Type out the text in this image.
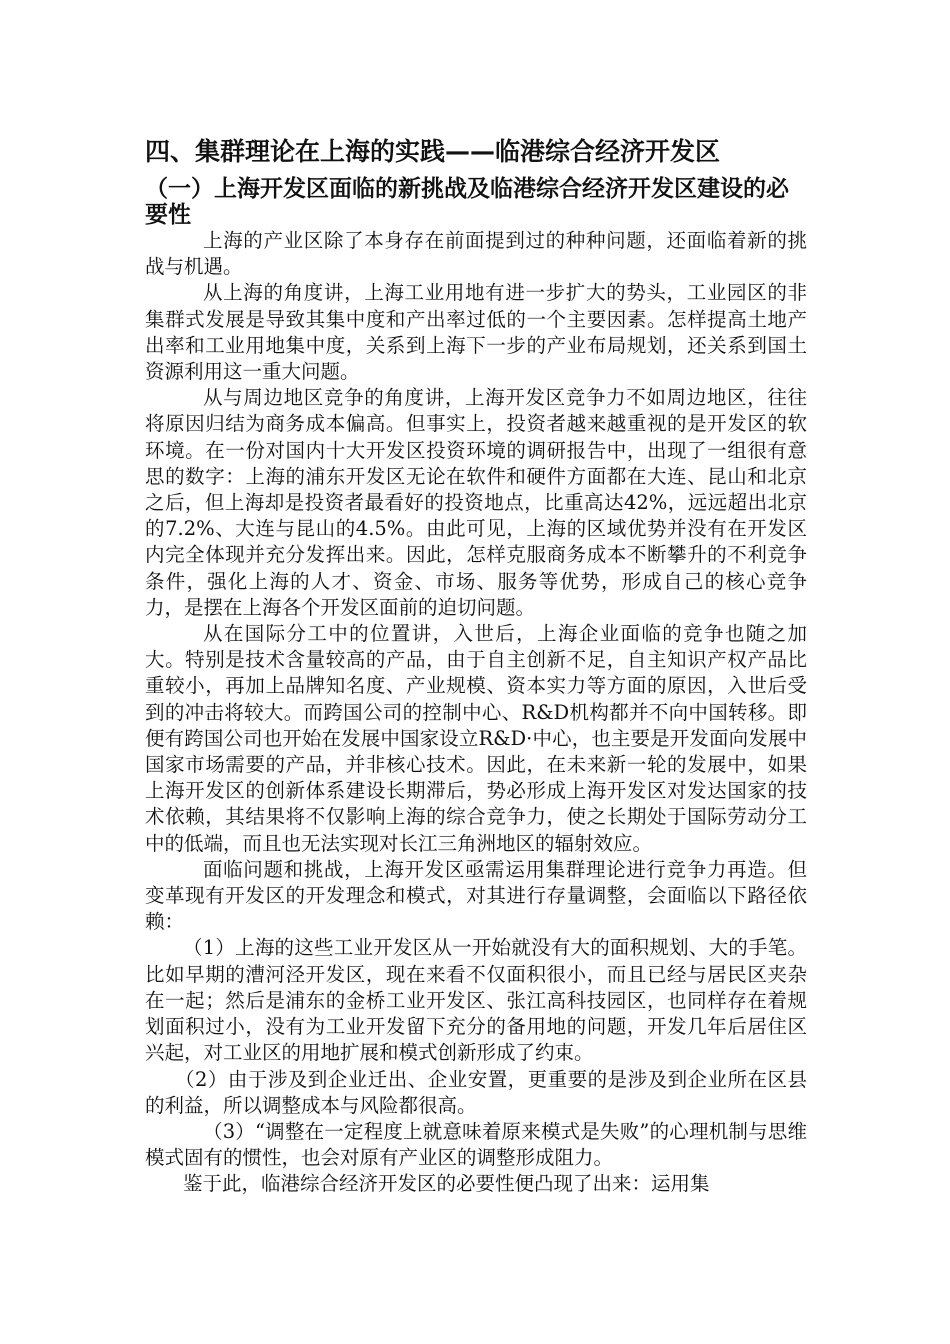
四、集群理论在上海的实践——临港综合经济开发区
（一）上海开发区面临的新挑战及临港综合经济开发区建设的必要性

上海的产业区除了本身存在前面提到过的种种问题，还面临着新的挑战与机遇。

从上海的角度讲，上海工业用地有进一步扩大的势头，工业园区的非集群式发展是导致其集中度和产出率过低的一个主要因素。怎样提高土地产出率和工业用地集中度，关系到上海下一步的产业布局规划，还关系到国土资源利用这一重大问题。

从与周边地区竞争的角度讲，上海开发区竞争力不如周边地区，往往将原因归结为商务成本偏高。但事实上，投资者越来越重视的是开发区的软环境。在一份对国内十大开发区投资环境的调研报告中，出现了一组很有意思的数字：上海的浦东开发区无论在软件和硬件方面都在大连、昆山和北京之后，但上海却是投资者最看好的投资地点，比重高达42%，远远超出北京的7.2%、大连与昆山的4.5%。由此可见，上海的区域优势并没有在开发区内完全体现并充分发挥出来。因此，怎样克服商务成本不断攀升的不利竞争条件，强化上海的人才、资金、市场、服务等优势，形成自己的核心竞争力，是摆在上海各个开发区面前的迫切问题。

从在国际分工中的位置讲，入世后，上海企业面临的竞争也随之加大。特别是技术含量较高的产品，由于自主创新不足，自主知识产权产品比重较小，再加上品牌知名度、产业规模、资本实力等方面的原因，入世后受到的冲击将较大。而跨国公司的控制中心、R&D机构都并不向中国转移。即便有跨国公司也开始在发展中国家设立R&D·中心，也主要是开发面向发展中国家市场需要的产品，并非核心技术。因此，在未来新一轮的发展中，如果上海开发区的创新体系建设长期滞后，势必形成上海开发区对发达国家的技术依赖，其结果将不仅影响上海的综合竞争力，使之长期处于国际劳动分工中的低端，而且也无法实现对长江三角洲地区的辐射效应。

面临问题和挑战，上海开发区亟需运用集群理论进行竞争力再造。但变革现有开发区的开发理念和模式，对其进行存量调整，会面临以下路径依赖：

（1）上海的这些工业开发区从一开始就没有大的面积规划、大的手笔。比如早期的漕河泾开发区，现在来看不仅面积很小，而且已经与居民区夹杂在一起；然后是浦东的金桥工业开发区、张江高科技园区，也同样存在着规划面积过小，没有为工业开发留下充分的备用地的问题，开发几年后居住区兴起，对工业区的用地扩展和模式创新形成了约束。

（2）由于涉及到企业迁出、企业安置，更重要的是涉及到企业所在区县的利益，所以调整成本与风险都很高。

（3）“调整在一定程度上就意味着原来模式是失败”的心理机制与思维模式固有的惯性，也会对原有产业区的调整形成阻力。

鉴于此，临港综合经济开发区的必要性便凸现了出来：运用集
